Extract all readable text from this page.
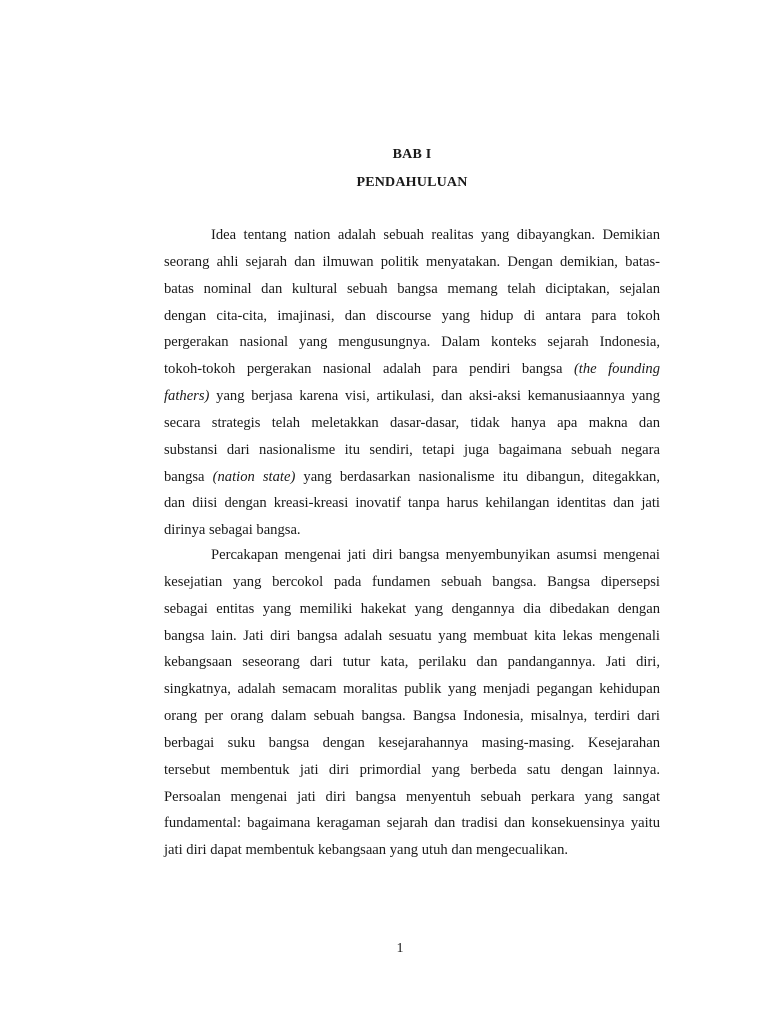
BAB I
PENDAHULUAN
Idea tentang nation adalah sebuah realitas yang dibayangkan. Demikian
seorang ahli sejarah dan ilmuwan politik menyatakan. Dengan demikian, batas-
batas nominal dan kultural sebuah bangsa memang telah diciptakan, sejalan
dengan cita-cita, imajinasi, dan discourse yang hidup di antara para tokoh
pergerakan nasional yang mengusungnya. Dalam konteks sejarah Indonesia,
tokoh-tokoh pergerakan nasional adalah para pendiri bangsa (the founding
fathers) yang berjasa karena visi, artikulasi, dan aksi-aksi kemanusiaannya yang
secara strategis telah meletakkan dasar-dasar, tidak hanya apa makna dan
substansi dari nasionalisme itu sendiri, tetapi juga bagaimana sebuah negara
bangsa (nation state) yang berdasarkan nasionalisme itu dibangun, ditegakkan,
dan diisi dengan kreasi-kreasi inovatif tanpa harus kehilangan identitas dan jati
dirinya sebagai bangsa.
Percakapan mengenai jati diri bangsa menyembunyikan asumsi mengenai
kesejatian yang bercokol pada fundamen sebuah bangsa. Bangsa dipersepsi
sebagai entitas yang memiliki hakekat yang dengannya dia dibedakan dengan
bangsa lain. Jati diri bangsa adalah sesuatu yang membuat kita lekas mengenali
kebangsaan seseorang dari tutur kata, perilaku dan pandangannya. Jati diri,
singkatnya, adalah semacam moralitas publik yang menjadi pegangan kehidupan
orang per orang dalam sebuah bangsa. Bangsa Indonesia, misalnya, terdiri dari
berbagai suku bangsa dengan kesejarahannya masing-masing. Kesejarahan
tersebut membentuk jati diri primordial yang berbeda satu dengan lainnya.
Persoalan mengenai jati diri bangsa menyentuh sebuah perkara yang sangat
fundamental: bagaimana keragaman sejarah dan tradisi dan konsekuensinya yaitu
jati diri dapat membentuk kebangsaan yang utuh dan mengecualikan.
1
